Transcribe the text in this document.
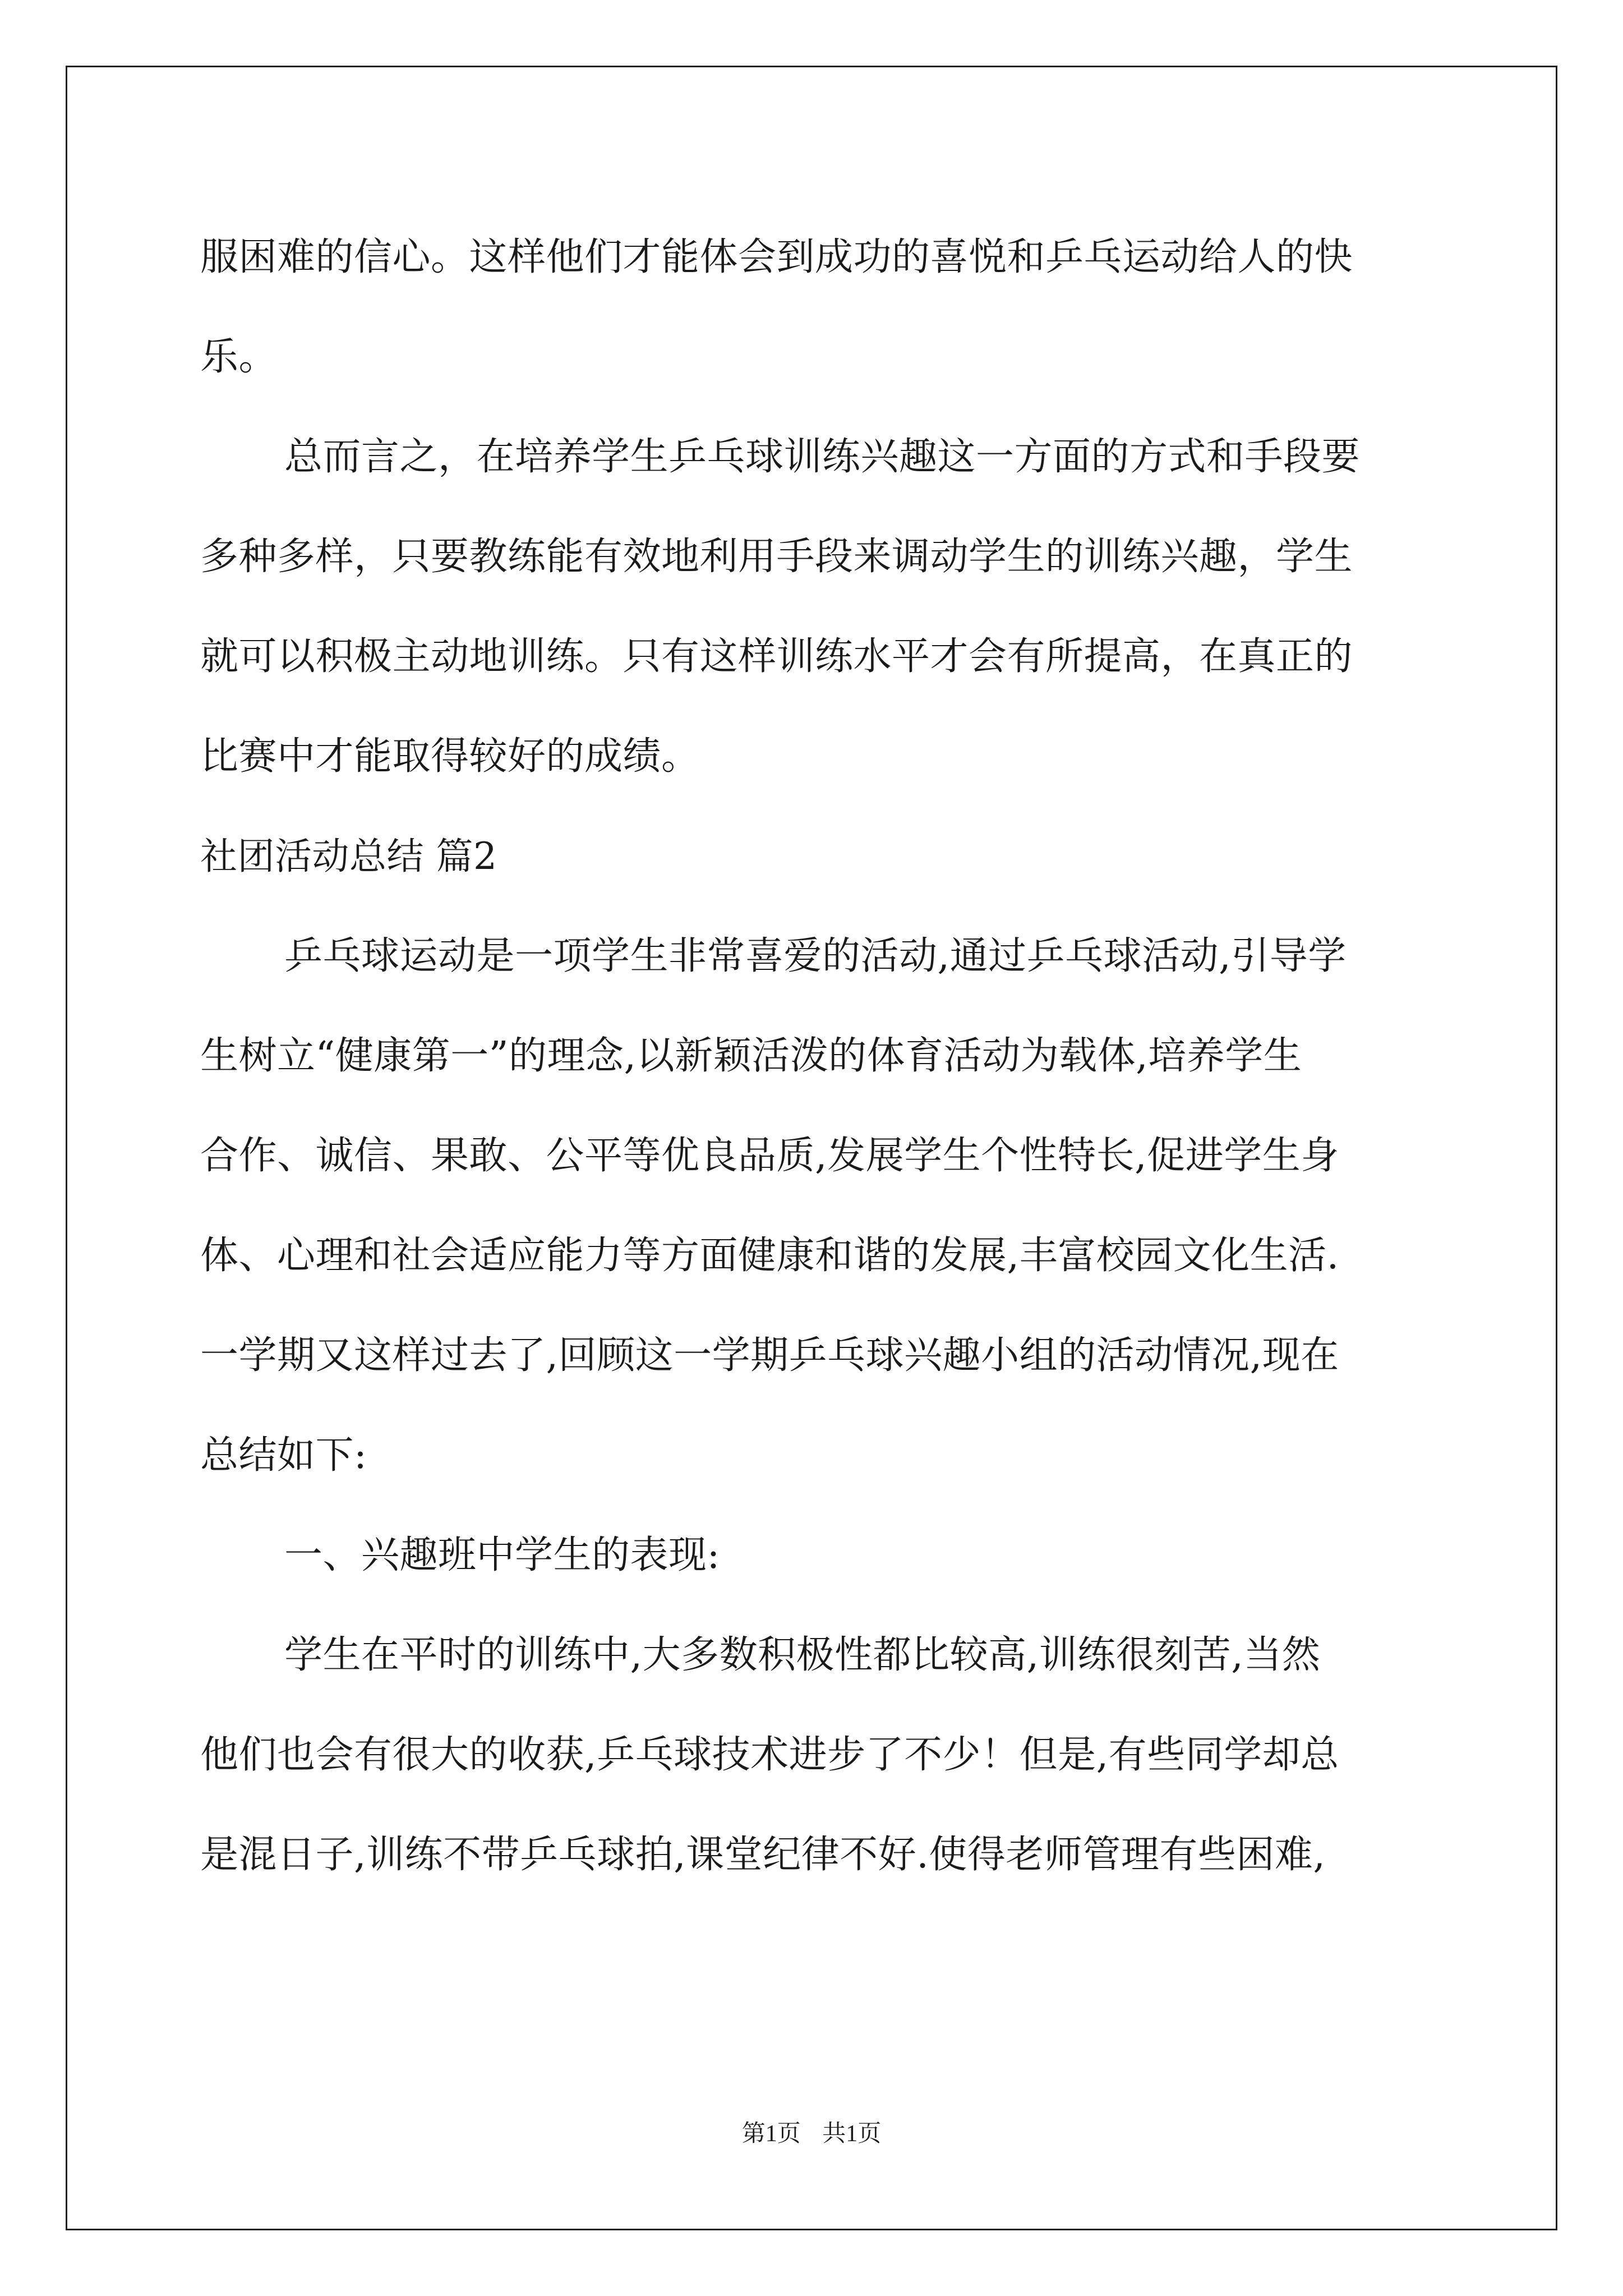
服困难的信心。这样他们才能体会到成功的喜悦和乒乓运动给人的快
乐。
总而言之，在培养学生乒乓球训练兴趣这一方面的方式和手段要
多种多样，只要教练能有效地利用手段来调动学生的训练兴趣，学生
就可以积极主动地训练。只有这样训练水平才会有所提高，在真正的
比赛中才能取得较好的成绩。
社团活动总结 篇2
乒乓球运动是一项学生非常喜爱的活动,通过乒乓球活动,引导学
生树立“健康第一”的理念,以新颖活泼的体育活动为载体,培养学生
合作、诚信、果敢、公平等优良品质,发展学生个性特长,促进学生身
体、心理和社会适应能力等方面健康和谐的发展,丰富校园文化生活.
一学期又这样过去了,回顾这一学期乒乓球兴趣小组的活动情况,现在
总结如下:
一、兴趣班中学生的表现:
学生在平时的训练中,大多数积极性都比较高,训练很刻苦,当然
他们也会有很大的收获,乒乓球技术进步了不少！但是,有些同学却总
是混日子,训练不带乒乓球拍,课堂纪律不好.使得老师管理有些困难,
第1页 共1页
